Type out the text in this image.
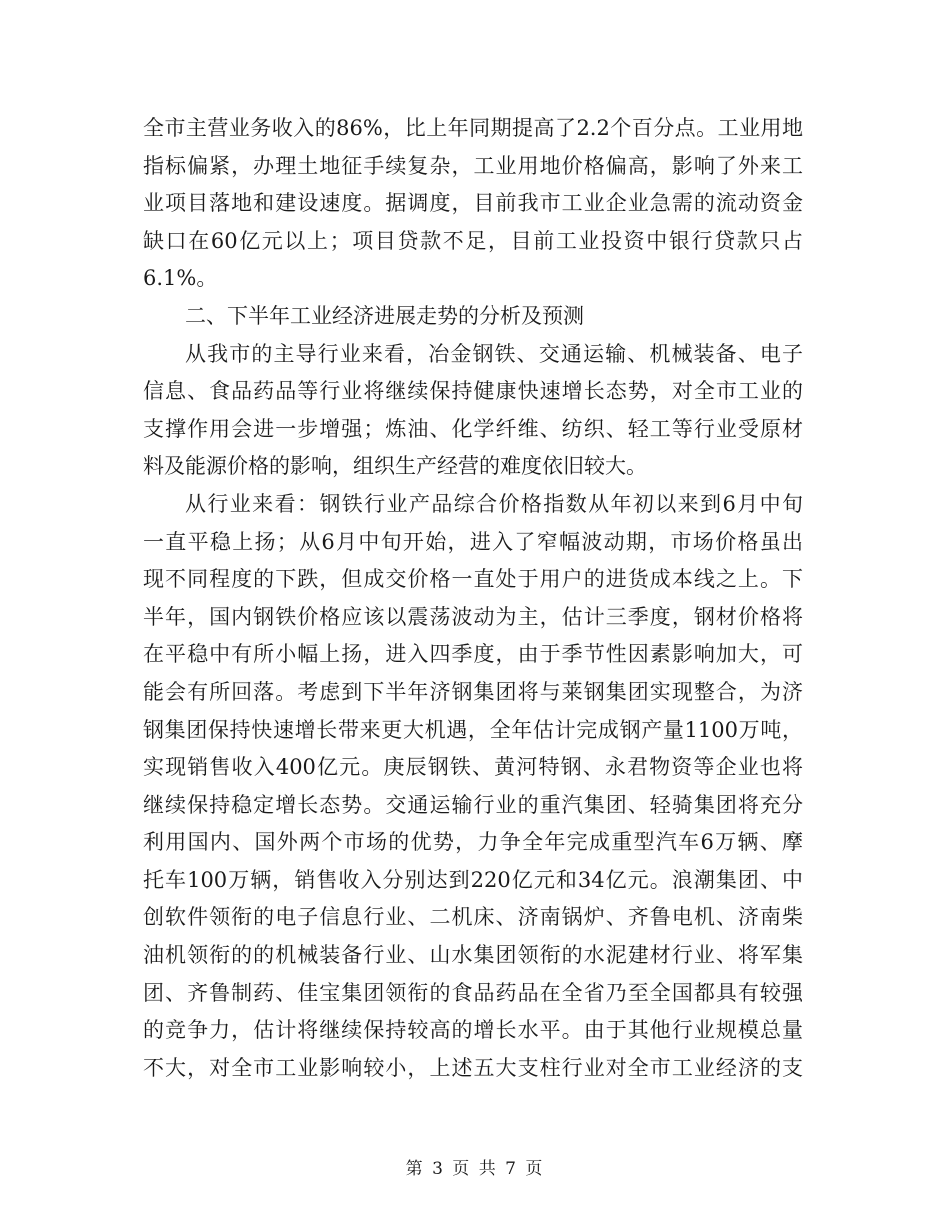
全市主营业务收入的86%，比上年同期提高了2.2个百分点。工业用地
指标偏紧，办理土地征手续复杂，工业用地价格偏高，影响了外来工
业项目落地和建设速度。据调度，目前我市工业企业急需的流动资金
缺口在60亿元以上；项目贷款不足，目前工业投资中银行贷款只占
6.1%。
二、下半年工业经济进展走势的分析及预测
从我市的主导行业来看，冶金钢铁、交通运输、机械装备、电子
信息、食品药品等行业将继续保持健康快速增长态势，对全市工业的
支撑作用会进一步增强；炼油、化学纤维、纺织、轻工等行业受原材
料及能源价格的影响，组织生产经营的难度依旧较大。
从行业来看：钢铁行业产品综合价格指数从年初以来到6月中旬
一直平稳上扬；从6月中旬开始，进入了窄幅波动期，市场价格虽出
现不同程度的下跌，但成交价格一直处于用户的进货成本线之上。下
半年，国内钢铁价格应该以震荡波动为主，估计三季度，钢材价格将
在平稳中有所小幅上扬，进入四季度，由于季节性因素影响加大，可
能会有所回落。考虑到下半年济钢集团将与莱钢集团实现整合，为济
钢集团保持快速增长带来更大机遇，全年估计完成钢产量1100万吨，
实现销售收入400亿元。庚辰钢铁、黄河特钢、永君物资等企业也将
继续保持稳定增长态势。交通运输行业的重汽集团、轻骑集团将充分
利用国内、国外两个市场的优势，力争全年完成重型汽车6万辆、摩
托车100万辆，销售收入分别达到220亿元和34亿元。浪潮集团、中
创软件领衔的电子信息行业、二机床、济南锅炉、齐鲁电机、济南柴
油机领衔的的机械装备行业、山水集团领衔的水泥建材行业、将军集
团、齐鲁制药、佳宝集团领衔的食品药品在全省乃至全国都具有较强
的竞争力，估计将继续保持较高的增长水平。由于其他行业规模总量
不大，对全市工业影响较小，上述五大支柱行业对全市工业经济的支
第 3 页 共 7 页
